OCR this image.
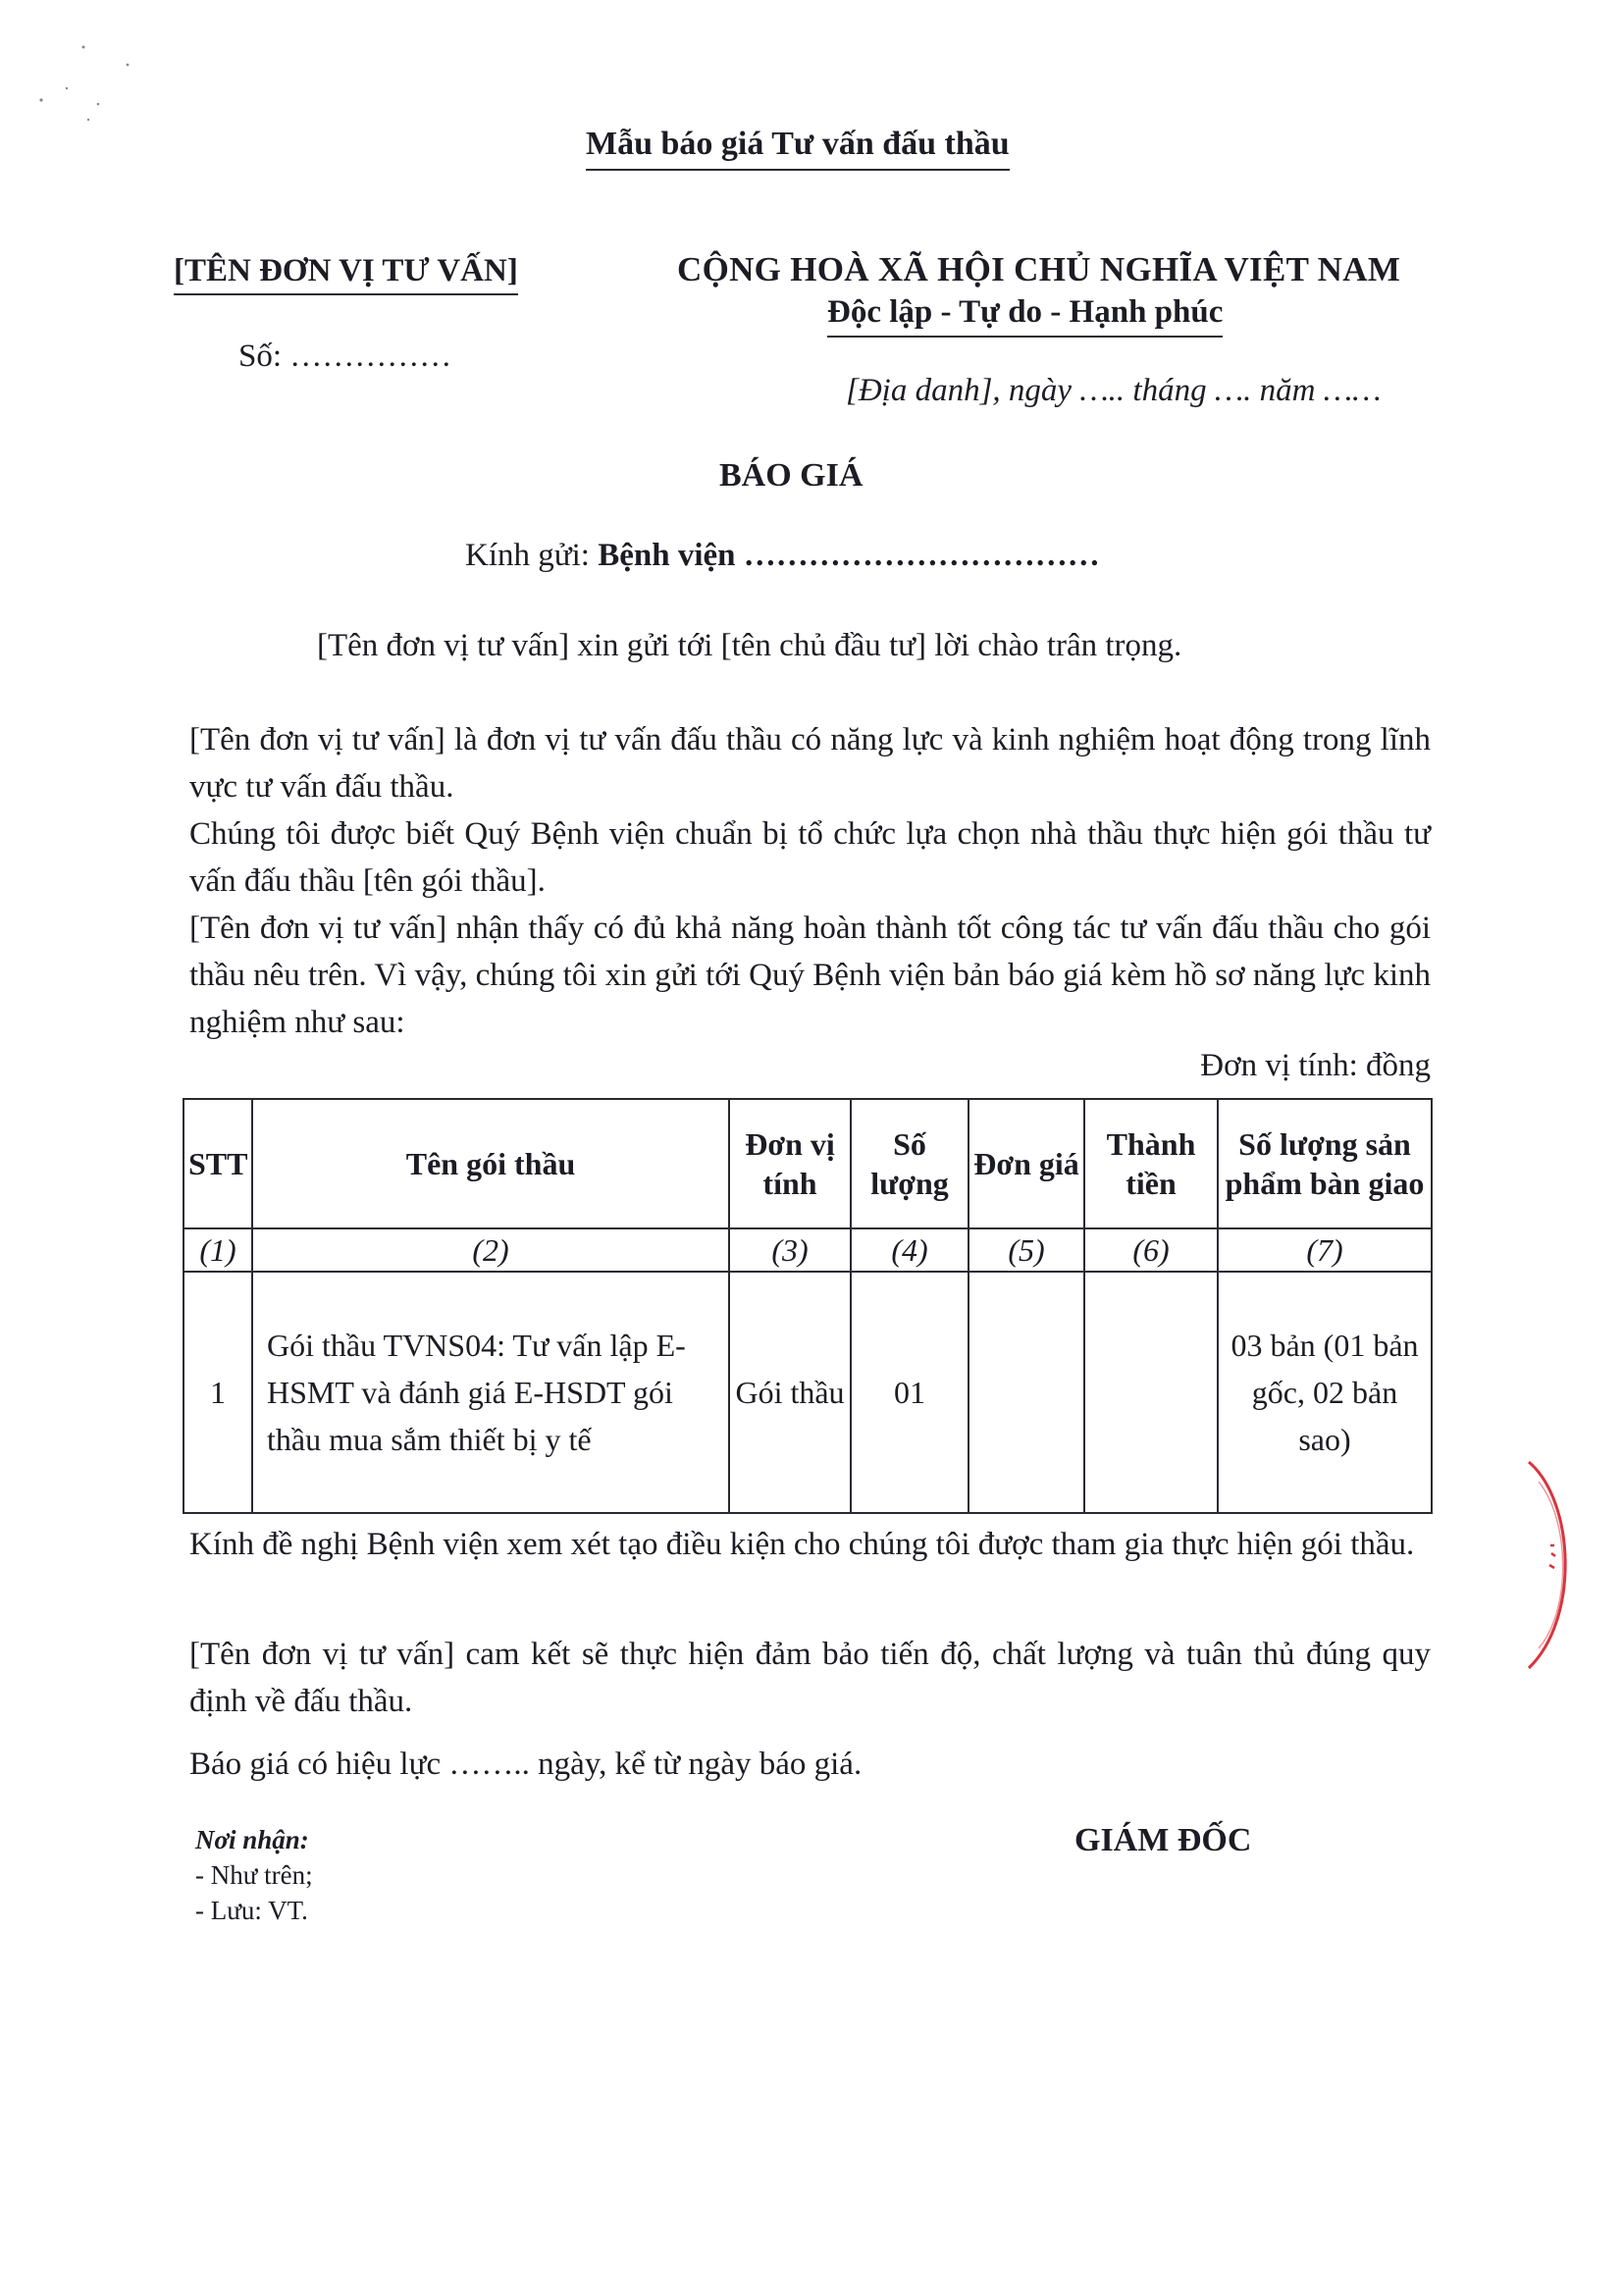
Mẫu báo giá Tư vấn đấu thầu
[TÊN ĐƠN VỊ TƯ VẤN]
Số: ……………
CỘNG HOÀ XÃ HỘI CHỦ NGHĨA VIỆT NAM
Độc lập - Tự do - Hạnh phúc
[Địa danh], ngày ….. tháng …. năm ……
BÁO GIÁ
Kính gửi: Bệnh viện ……………………………
[Tên đơn vị tư vấn] xin gửi tới [tên chủ đầu tư] lời chào trân trọng.
[Tên đơn vị tư vấn] là đơn vị tư vấn đấu thầu có năng lực và kinh nghiệm hoạt động trong lĩnh vực tư vấn đấu thầu.
Chúng tôi được biết Quý Bệnh viện chuẩn bị tổ chức lựa chọn nhà thầu thực hiện gói thầu tư vấn đấu thầu [tên gói thầu].
[Tên đơn vị tư vấn] nhận thấy có đủ khả năng hoàn thành tốt công tác tư vấn đấu thầu cho gói thầu nêu trên. Vì vậy, chúng tôi xin gửi tới Quý Bệnh viện bản báo giá kèm hồ sơ năng lực kinh nghiệm như sau:
Đơn vị tính: đồng
STT	Tên gói thầu	Đơn vị tính	Số lượng	Đơn giá	Thành tiền	Số lượng sản phẩm bàn giao
(1)	(2)	(3)	(4)	(5)	(6)	(7)
1	Gói thầu TVNS04: Tư vấn lập E-HSMT và đánh giá E-HSDT gói thầu mua sắm thiết bị y tế	Gói thầu	01			03 bản (01 bản gốc, 02 bản sao)
Kính đề nghị Bệnh viện xem xét tạo điều kiện cho chúng tôi được tham gia thực hiện gói thầu.
[Tên đơn vị tư vấn] cam kết sẽ thực hiện đảm bảo tiến độ, chất lượng và tuân thủ đúng quy định về đấu thầu.
Báo giá có hiệu lực …….. ngày, kể từ ngày báo giá.
Nơi nhận:
- Như trên;
- Lưu: VT.
GIÁM ĐỐC
